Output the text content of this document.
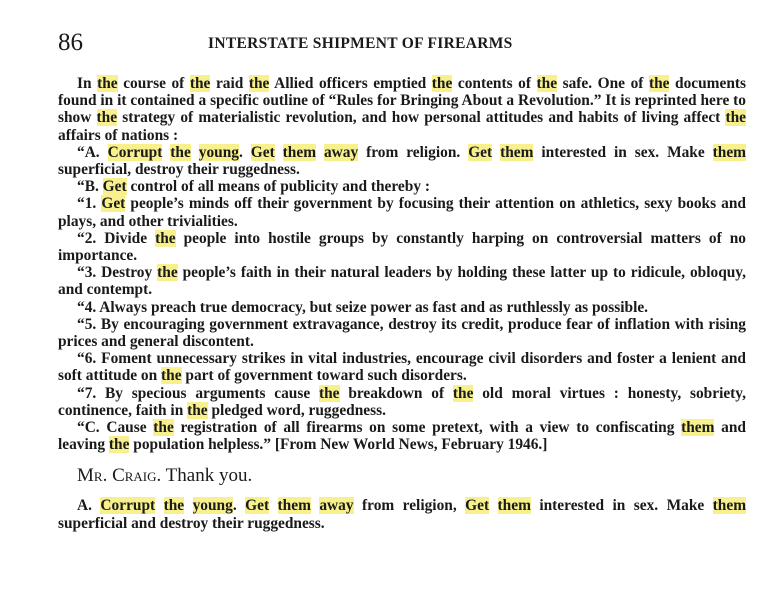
86	INTERSTATE SHIPMENT OF FIREARMS

In the course of the raid the Allied officers emptied the contents of the safe. One of the documents found in it contained a specific outline of “Rules for Bringing About a Revolution.” It is reprinted here to show the strategy of materialistic revolution, and how personal attitudes and habits of living affect the affairs of nations :

“A. Corrupt the young. Get them away from religion. Get them interested in sex. Make them superficial, destroy their ruggedness.

“B. Get control of all means of publicity and thereby :

“1. Get people’s minds off their government by focusing their attention on athletics, sexy books and plays, and other trivialities.

“2. Divide the people into hostile groups by constantly harping on controversial matters of no importance.

“3. Destroy the people’s faith in their natural leaders by holding these latter up to ridicule, obloquy, and contempt.

“4. Always preach true democracy, but seize power as fast and as ruthlessly as possible.

“5. By encouraging government extravagance, destroy its credit, produce fear of inflation with rising prices and general discontent.

“6. Foment unnecessary strikes in vital industries, encourage civil disorders and foster a lenient and soft attitude on the part of government toward such disorders.

“7. By specious arguments cause the breakdown of the old moral virtues : honesty, sobriety, continence, faith in the pledged word, ruggedness.

“C. Cause the registration of all firearms on some pretext, with a view to confiscating them and leaving the population helpless.” [From New World News, February 1946.]

Mr. Craig. Thank you.

A. Corrupt the young. Get them away from religion, Get them interested in sex. Make them superficial and destroy their ruggedness.
